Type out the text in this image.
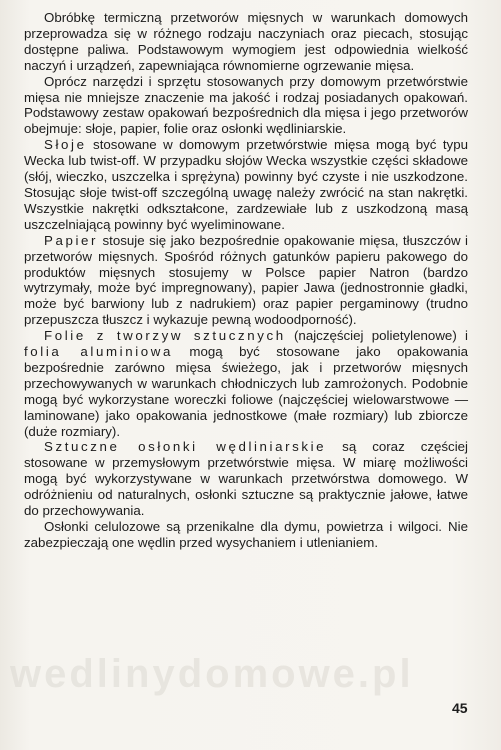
wedlinydomowe.pl

Obróbkę termiczną przetworów mięsnych w warunkach domowych przeprowadza się w różnego rodzaju naczyniach oraz piecach, stosując dostępne paliwa. Podstawowym wymogiem jest odpowiednia wielkość naczyń i urządzeń, zapewniająca równomierne ogrzewanie mięsa.

Oprócz narzędzi i sprzętu stosowanych przy domowym przetwórstwie mięsa nie mniejsze znaczenie ma jakość i rodzaj posiadanych opakowań. Podstawowy zestaw opakowań bezpośrednich dla mięsa i jego przetworów obejmuje: słoje, papier, folie oraz osłonki wędliniarskie.

Słoje stosowane w domowym przetwórstwie mięsa mogą być typu Wecka lub twist-off. W przypadku słojów Wecka wszystkie części składowe (słój, wieczko, uszczelka i sprężyna) powinny być czyste i nie uszkodzone. Stosując słoje twist-off szczególną uwagę należy zwrócić na stan nakrętki. Wszystkie nakrętki odkształcone, zardzewiałe lub z uszkodzoną masą uszczelniającą powinny być wyeliminowane.

Papier stosuje się jako bezpośrednie opakowanie mięsa, tłuszczów i przetworów mięsnych. Spośród różnych gatunków papieru pakowego do produktów mięsnych stosujemy w Polsce papier Natron (bardzo wytrzymały, może być impregnowany), papier Jawa (jednostronnie gładki, może być barwiony lub z nadrukiem) oraz papier pergaminowy (trudno przepuszcza tłuszcz i wykazuje pewną wodoodporność).

Folie z tworzyw sztucznych (najczęściej polietylenowe) i folia aluminiowa mogą być stosowane jako opakowania bezpośrednie zarówno mięsa świeżego, jak i przetworów mięsnych przechowywanych w warunkach chłodniczych lub zamrożonych. Podobnie mogą być wykorzystane woreczki foliowe (najczęściej wielowarstwowe — laminowane) jako opakowania jednostkowe (małe rozmiary) lub zbiorcze (duże rozmiary).

Sztuczne osłonki wędliniarskie są coraz częściej stosowane w przemysłowym przetwórstwie mięsa. W miarę możliwości mogą być wykorzystywane w warunkach przetwórstwa domowego. W odróżnieniu od naturalnych, osłonki sztuczne są praktycznie jałowe, łatwe do przechowywania.

Osłonki celulozowe są przenikalne dla dymu, powietrza i wilgoci. Nie zabezpieczają one wędlin przed wysychaniem i utlenianiem.

45
